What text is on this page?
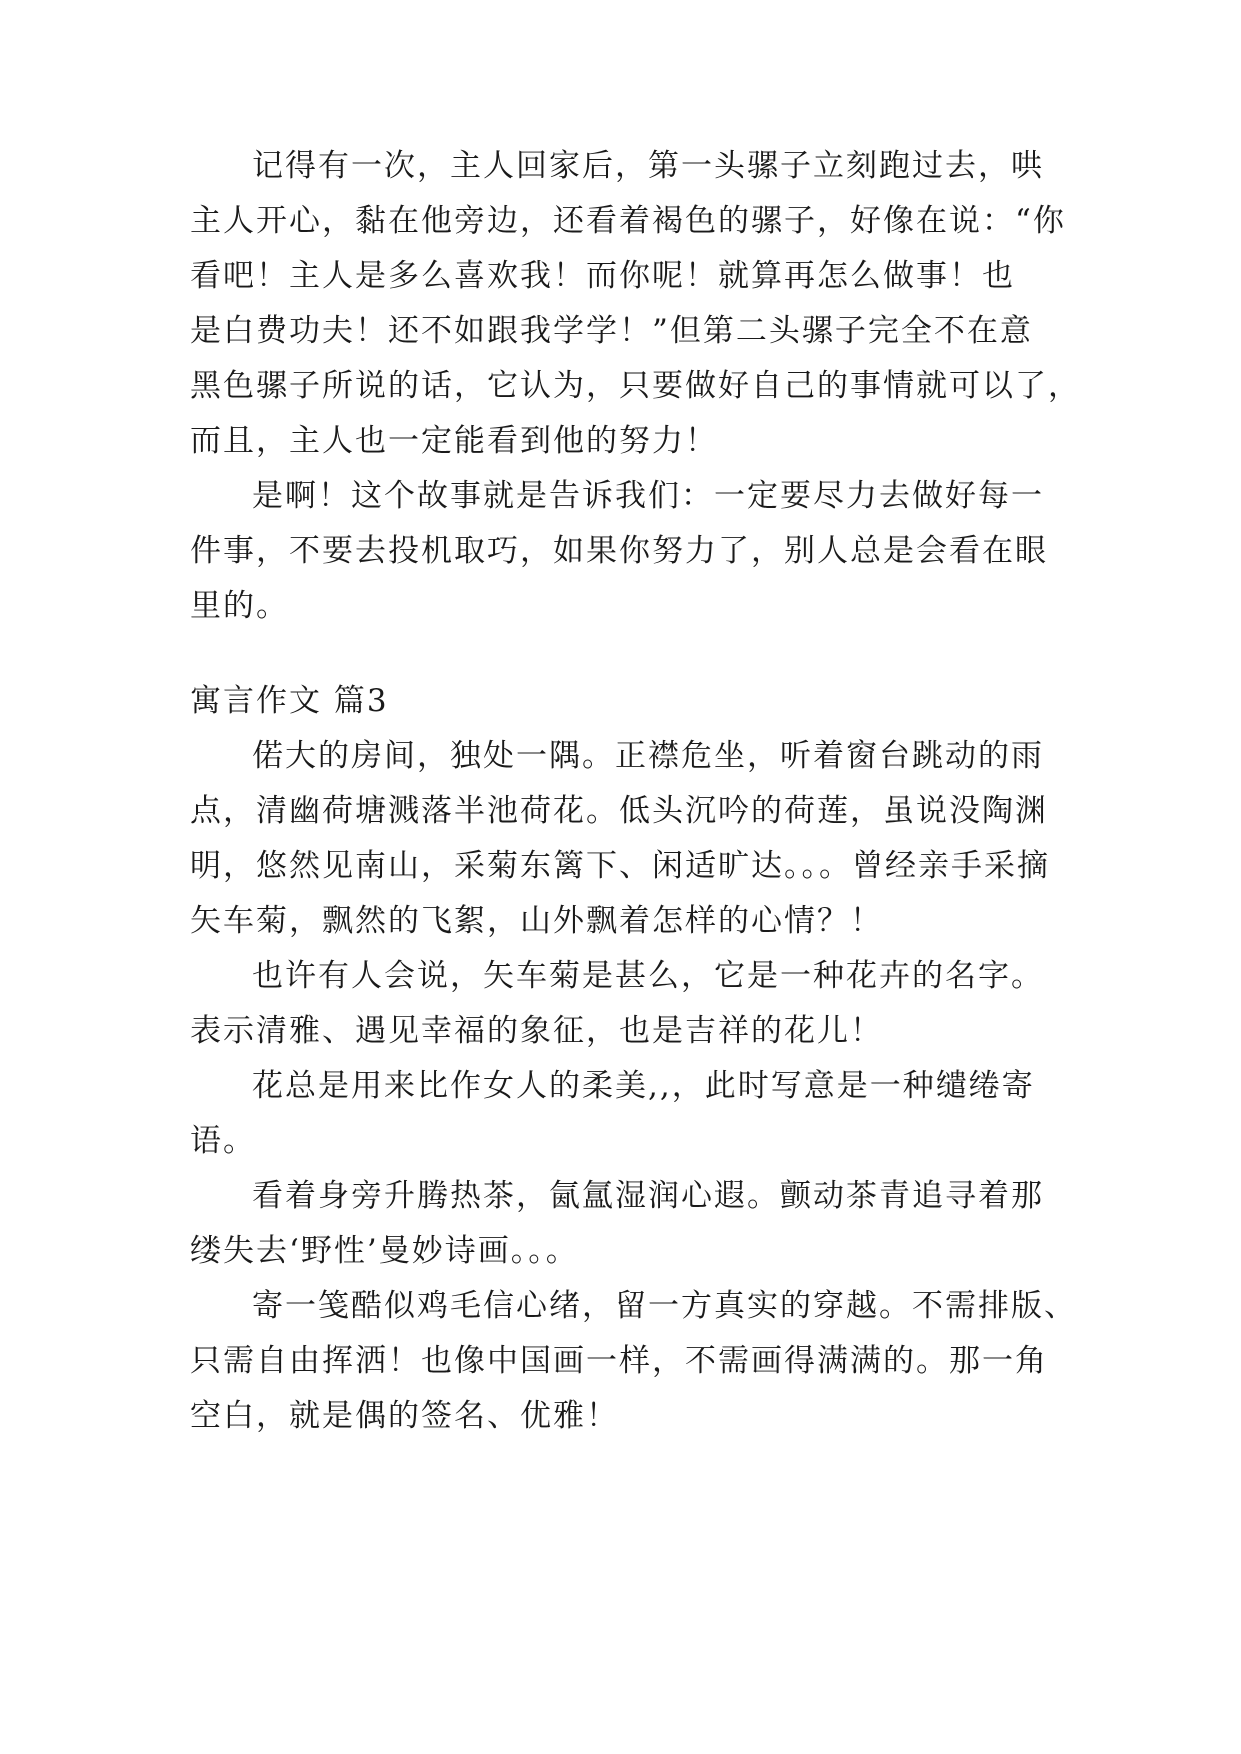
记得有一次，主人回家后，第一头骡子立刻跑过去，哄
主人开心，黏在他旁边，还看着褐色的骡子，好像在说：“你
看吧！主人是多么喜欢我！而你呢！就算再怎么做事！也
是白费功夫！还不如跟我学学！”但第二头骡子完全不在意
黑色骡子所说的话，它认为，只要做好自己的事情就可以了，
而且，主人也一定能看到他的努力！
是啊！这个故事就是告诉我们：一定要尽力去做好每一
件事，不要去投机取巧，如果你努力了，别人总是会看在眼
里的。
寓言作文 篇3
偌大的房间，独处一隅。正襟危坐，听着窗台跳动的雨
点，清幽荷塘溅落半池荷花。低头沉吟的荷莲，虽说没陶渊
明，悠然见南山，采菊东篱下、闲适旷达。。。曾经亲手采摘
矢车菊，飘然的飞絮，山外飘着怎样的心情？！
也许有人会说，矢车菊是甚么，它是一种花卉的名字。
表示清雅、遇见幸福的象征，也是吉祥的花儿！
花总是用来比作女人的柔美,,，此时写意是一种缱绻寄
语。
看着身旁升腾热茶，氤氲湿润心遐。颤动茶青追寻着那
缕失去‘野性’曼妙诗画。。。
寄一笺酷似鸡毛信心绪，留一方真实的穿越。不需排版、
只需自由挥洒！也像中国画一样，不需画得满满的。那一角
空白，就是偶的签名、优雅！
